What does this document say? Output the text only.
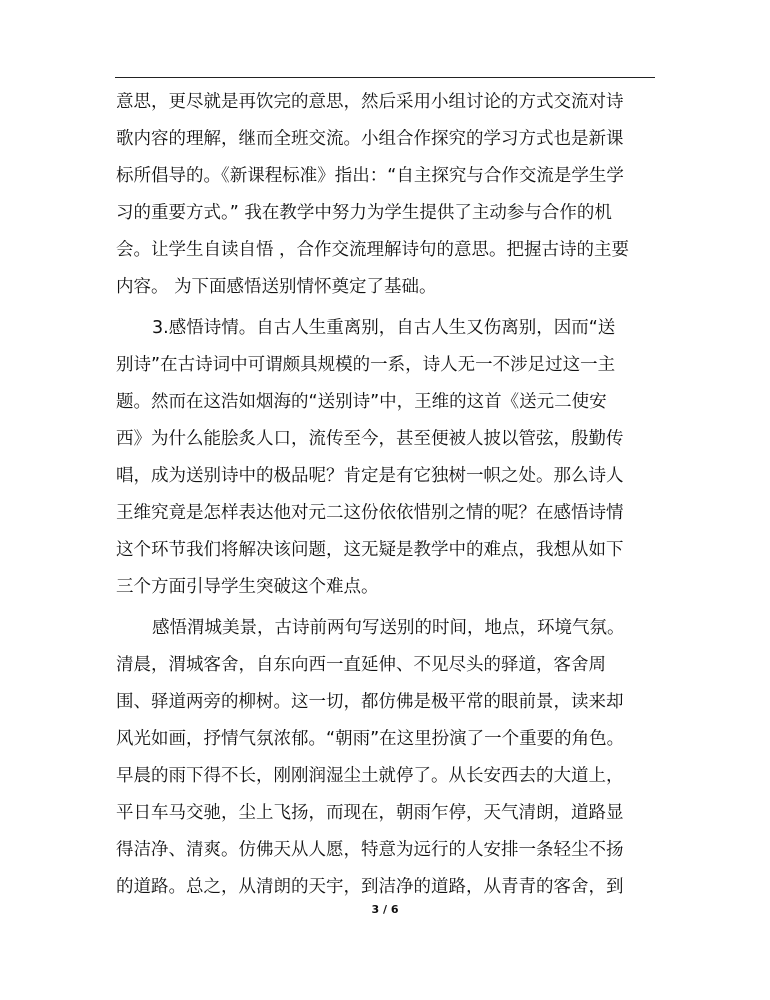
意思，更尽就是再饮完的意思，然后采用小组讨论的方式交流对诗
歌内容的理解，继而全班交流。小组合作探究的学习方式也是新课
标所倡导的。《新课程标准》指出：“自主探究与合作交流是学生学
习的重要方式。” 我在教学中努力为学生提供了主动参与合作的机
会。让学生自读自悟 ，合作交流理解诗句的意思。把握古诗的主要
内容。 为下面感悟送别情怀奠定了基础。
3.感悟诗情。自古人生重离别，自古人生又伤离别，因而“送
别诗”在古诗词中可谓颇具规模的一系，诗人无一不涉足过这一主
题。然而在这浩如烟海的“送别诗”中，王维的这首《送元二使安
西》为什么能脍炙人口，流传至今，甚至便被人披以管弦，殷勤传
唱，成为送别诗中的极品呢？肯定是有它独树一帜之处。那么诗人
王维究竟是怎样表达他对元二这份依依惜别之情的呢？在感悟诗情
这个环节我们将解决该问题，这无疑是教学中的难点，我想从如下
三个方面引导学生突破这个难点。
感悟渭城美景，古诗前两句写送别的时间，地点，环境气氛。
清晨，渭城客舍，自东向西一直延伸、不见尽头的驿道，客舍周
围、驿道两旁的柳树。这一切，都仿佛是极平常的眼前景，读来却
风光如画，抒情气氛浓郁。“朝雨”在这里扮演了一个重要的角色。
早晨的雨下得不长，刚刚润湿尘土就停了。从长安西去的大道上，
平日车马交驰，尘上飞扬，而现在，朝雨乍停，天气清朗，道路显
得洁净、清爽。仿佛天从人愿，特意为远行的人安排一条轻尘不扬
的道路。总之，从清朗的天宇，到洁净的道路，从青青的客舍，到
3 / 6
